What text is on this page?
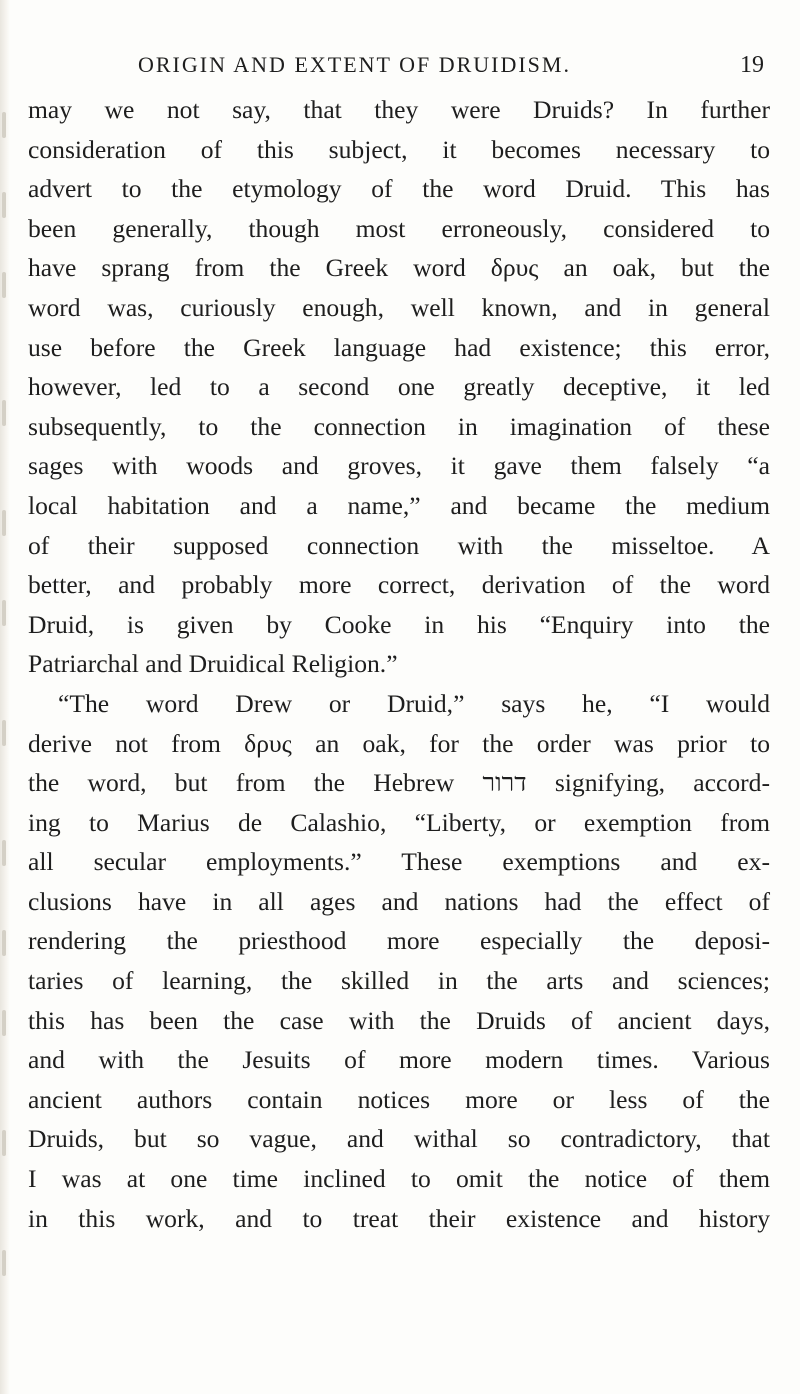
ORIGIN AND EXTENT OF DRUIDISM.	19
may we not say, that they were Druids? In further
consideration of this subject, it becomes necessary to
advert to the etymology of the word Druid. This has
been generally, though most erroneously, considered to
have sprang from the Greek word δρυς an oak, but the
word was, curiously enough, well known, and in general
use before the Greek language had existence; this error,
however, led to a second one greatly deceptive, it led
subsequently, to the connection in imagination of these
sages with woods and groves, it gave them falsely “a
local habitation and a name,” and became the medium
of their supposed connection with the misseltoe. A
better, and probably more correct, derivation of the word
Druid, is given by Cooke in his “Enquiry into the
Patriarchal and Druidical Religion.”
“The word Drew or Druid,” says he, “I would
derive not from δρυς an oak, for the order was prior to
the word, but from the Hebrew דרור signifying, accord-
ing to Marius de Calashio, “Liberty, or exemption from
all secular employments.” These exemptions and ex-
clusions have in all ages and nations had the effect of
rendering the priesthood more especially the deposi-
taries of learning, the skilled in the arts and sciences;
this has been the case with the Druids of ancient days,
and with the Jesuits of more modern times. Various
ancient authors contain notices more or less of the
Druids, but so vague, and withal so contradictory, that
I was at one time inclined to omit the notice of them
in this work, and to treat their existence and history
